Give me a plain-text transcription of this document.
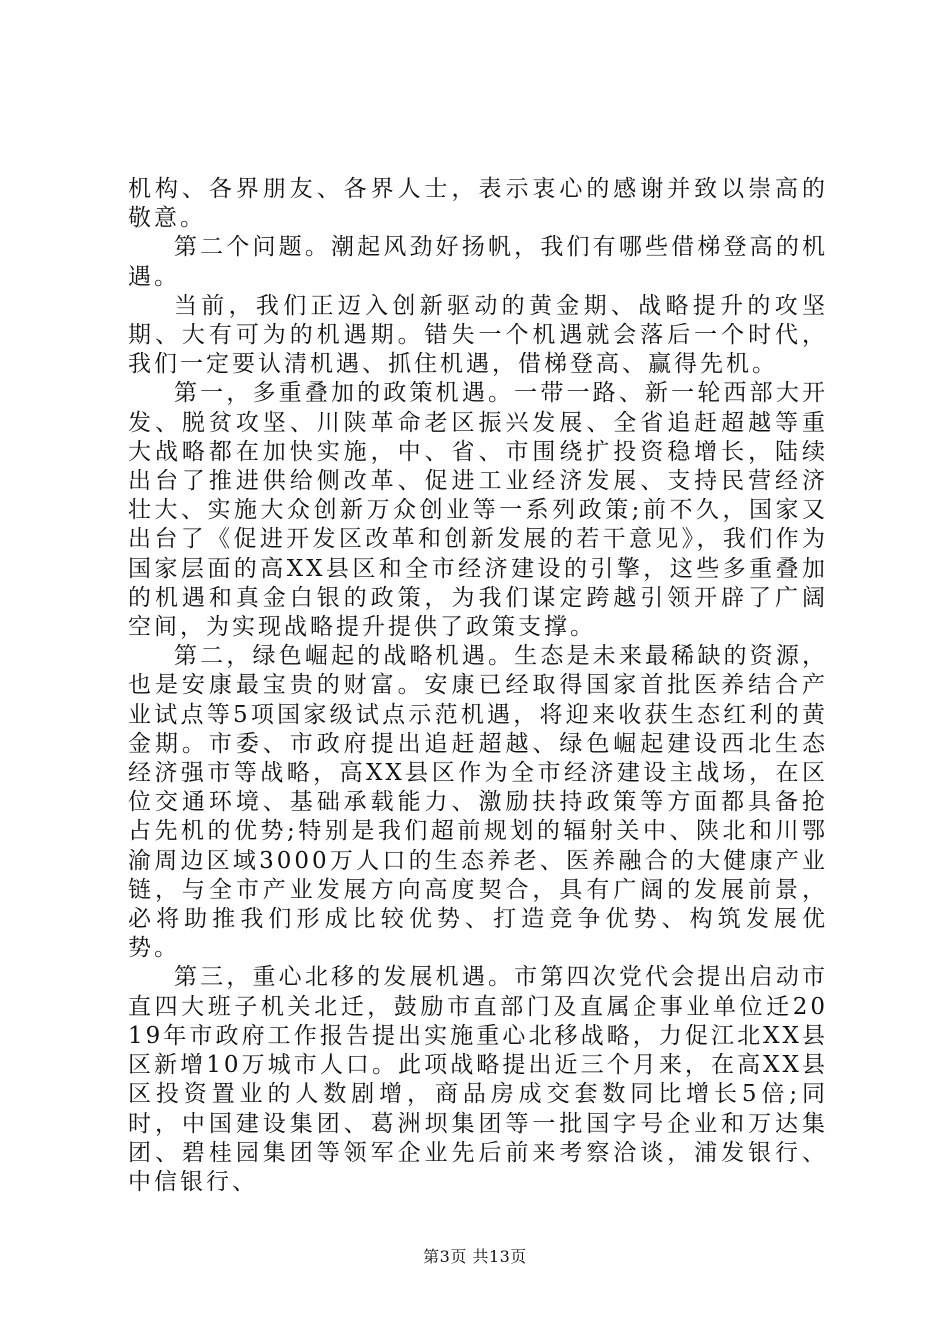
机构、各界朋友、各界人士，表示衷心的感谢并致以崇高的敬意。

第二个问题。潮起风劲好扬帆，我们有哪些借梯登高的机遇。

当前，我们正迈入创新驱动的黄金期、战略提升的攻坚期、大有可为的机遇期。错失一个机遇就会落后一个时代，我们一定要认清机遇、抓住机遇，借梯登高、赢得先机。

第一，多重叠加的政策机遇。一带一路、新一轮西部大开发、脱贫攻坚、川陕革命老区振兴发展、全省追赶超越等重大战略都在加快实施，中、省、市围绕扩投资稳增长，陆续出台了推进供给侧改革、促进工业经济发展、支持民营经济壮大、实施大众创新万众创业等一系列政策;前不久，国家又出台了《促进开发区改革和创新发展的若干意见》，我们作为国家层面的高XX县区和全市经济建设的引擎，这些多重叠加的机遇和真金白银的政策，为我们谋定跨越引领开辟了广阔空间，为实现战略提升提供了政策支撑。

第二，绿色崛起的战略机遇。生态是未来最稀缺的资源，也是安康最宝贵的财富。安康已经取得国家首批医养结合产业试点等5项国家级试点示范机遇，将迎来收获生态红利的黄金期。市委、市政府提出追赶超越、绿色崛起建设西北生态经济强市等战略，高XX县区作为全市经济建设主战场，在区位交通环境、基础承载能力、激励扶持政策等方面都具备抢占先机的优势;特别是我们超前规划的辐射关中、陕北和川鄂渝周边区域3000万人口的生态养老、医养融合的大健康产业链，与全市产业发展方向高度契合，具有广阔的发展前景，必将助推我们形成比较优势、打造竞争优势、构筑发展优势。

第三，重心北移的发展机遇。市第四次党代会提出启动市直四大班子机关北迁，鼓励市直部门及直属企事业单位迁2019年市政府工作报告提出实施重心北移战略，力促江北XX县区新增10万城市人口。此项战略提出近三个月来，在高XX县区投资置业的人数剧增，商品房成交套数同比增长5倍;同时，中国建设集团、葛洲坝集团等一批国字号企业和万达集团、碧桂园集团等领军企业先后前来考察洽谈，浦发银行、中信银行、

第3页 共13页
